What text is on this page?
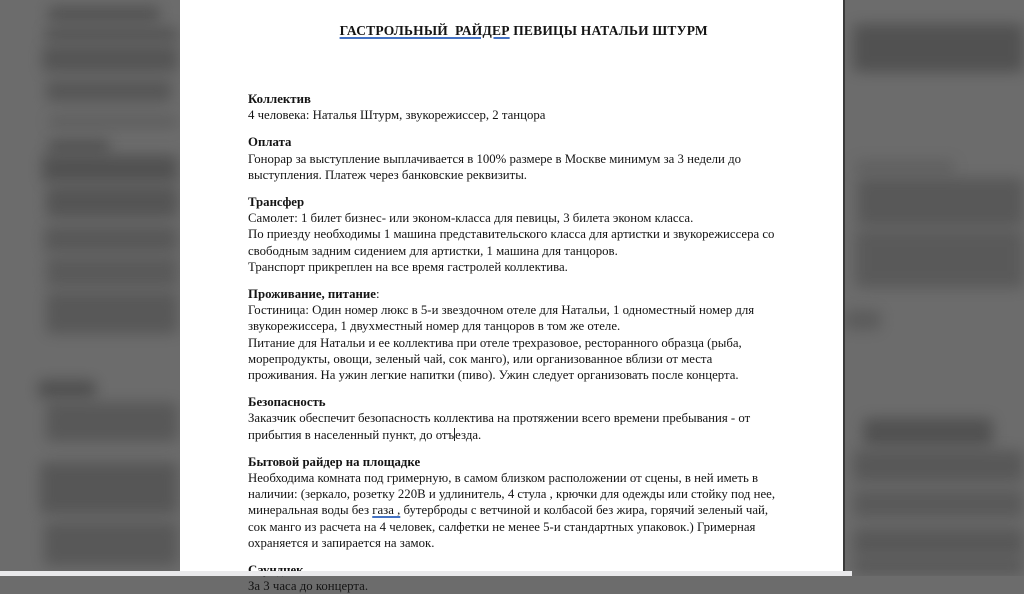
ГАСТРОЛЬНЫЙ  РАЙДЕР ПЕВИЦЫ НАТАЛЬИ ШТУРМ

Коллектив

4 человека: Наталья Штурм, звукорежиссер, 2 танцора

Оплата

Гонорар за выступление выплачивается в 100% размере в Москве минимум за 3 недели до выступления. Платеж через банковские реквизиты.

Трансфер

Самолет: 1 билет бизнес- или эконом-класса для певицы, 3 билета эконом класса.

По приезду необходимы 1 машина представительского класса для артистки и звукорежиссера со свободным задним сидением для артистки, 1 машина для танцоров.

Транспорт прикреплен на все время гастролей коллектива.

Проживание, питание:

Гостиница: Один номер люкс в 5-и звездочном отеле для Натальи, 1 одноместный номер для звукорежиссера, 1 двухместный номер для танцоров в том же отеле.

Питание для Натальи и ее коллектива при отеле трехразовое, ресторанного образца (рыба, морепродукты, овощи, зеленый чай, сок манго), или организованное вблизи от места проживания. На ужин легкие напитки (пиво). Ужин следует организовать после концерта.

Безопасность

Заказчик обеспечит безопасность коллектива на протяжении всего времени пребывания - от прибытия в населенный пункт, до отъезда.

Бытовой райдер на площадке

Необходима комната под гримерную, в самом близком расположении от сцены, в ней иметь в наличии: (зеркало, розетку 220В и удлинитель, 4 стула , крючки для одежды или стойку под нее, минеральная воды без газа , бутерброды с ветчиной и колбасой без жира, горячий зеленый чай, сок манго из расчета на 4 человек, салфетки не менее 5-и стандартных упаковок.) Гримерная охраняется и запирается на замок.

За 3 часа до концерта.
